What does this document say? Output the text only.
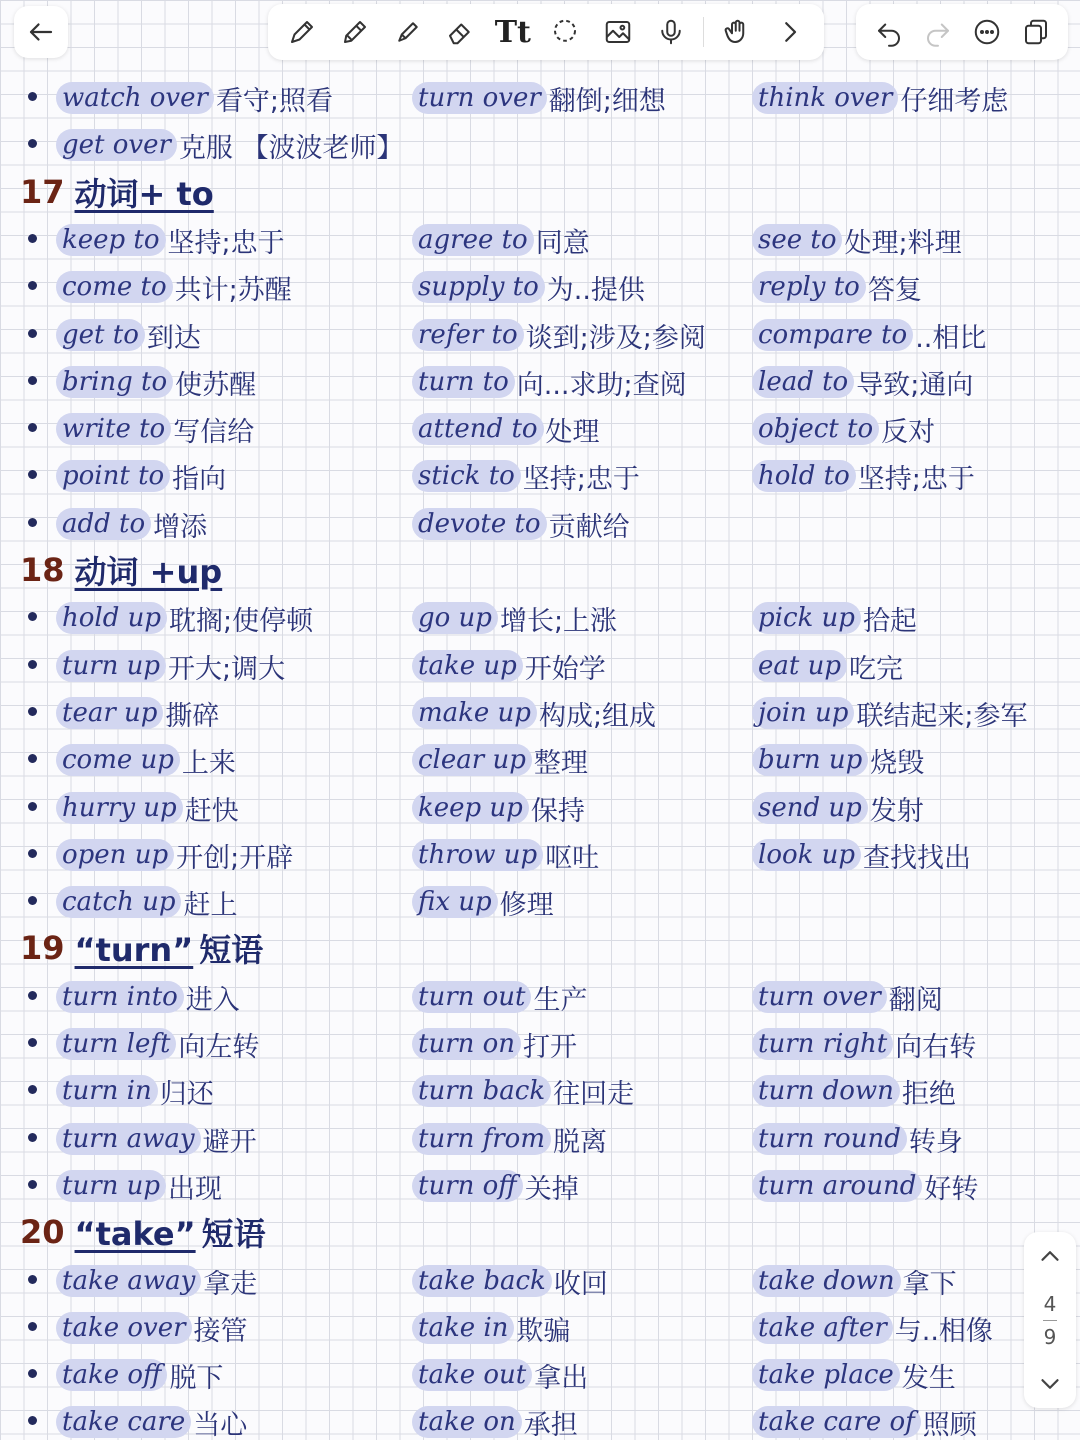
Tt
watch over 看守;照看	turn over 翻倒;细想	think over 仔细考虑
get over 克服 【波波老师】
17 动词+ to
keep to 坚持;忠于	agree to 同意	see to 处理;料理
come to 共计;苏醒	supply to 为..提供	reply to 答复
get to 到达	refer to 谈到;涉及;参阅 compare to ..相比
bring to 使苏醒	turn to 向...求助;查阅	lead to 导致;通向
write to 写信给	attend to 处理	object to 反对
point to 指向	stick to 坚持;忠于	hold to 坚持;忠于
add to 增添	devote to 贡献给
18 动词 +up
hold up 耽搁;使停顿	go up 增长;上涨	pick up 拾起
turn up 开大;调大	take up 开始学	eat up 吃完
tear up 撕碎	make up 构成;组成	join up 联结起来;参军
come up 上来	clear up 整理	burn up 烧毁
hurry up 赶快	keep up 保持	send up 发射
open up 开创;开辟	throw up 呕吐	look up 查找找出
catch up 赶上	fix up 修理
19 “turn” 短语
turn into 进入	turn out 生产	turn over 翻阅
turn left 向左转	turn on 打开	turn right 向右转
turn in 归还	turn back 往回走	turn down 拒绝
turn away 避开	turn from 脱离	turn round 转身
turn up 出现	turn off 关掉	turn around 好转
20 “take” 短语
take away 拿走	take back 收回	take down 拿下
take over 接管	take in 欺骗	take after 与..相像
take off 脱下	take out 拿出	take place 发生
take care 当心	take on 承担	take care of 照顾
4
9
